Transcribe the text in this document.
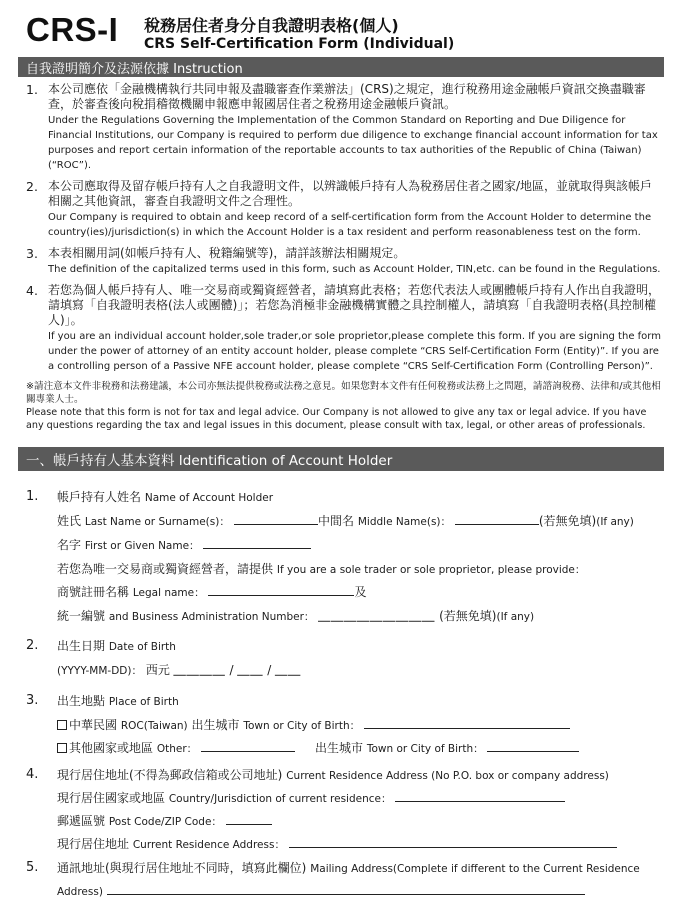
CRS-I 稅務居住者身分自我證明表格(個人)
CRS Self-Certification Form (Individual)
自我證明簡介及法源依據 Instruction
1. 本公司應依「金融機構執行共同申報及盡職審查作業辦法」(CRS)之規定，進行稅務用途金融帳戶資訊交換盡職審查，於審查後向稅捐稽徵機關申報應申報國居住者之稅務用途金融帳戶資訊。
Under the Regulations Governing the Implementation of the Common Standard on Reporting and Due Diligence for Financial Institutions, our Company is required to perform due diligence to exchange financial account information for tax purposes and report certain information of the reportable accounts to tax authorities of the Republic of China (Taiwan)(“ROC”).
2. 本公司應取得及留存帳戶持有人之自我證明文件，以辨識帳戶持有人為稅務居住者之國家/地區，並就取得與該帳戶相關之其他資訊，審查自我證明文件之合理性。
Our Company is required to obtain and keep record of a self-certification form from the Account Holder to determine the country(ies)/jurisdiction(s) in which the Account Holder is a tax resident and perform reasonableness test on the form.
3. 本表相關用詞(如帳戶持有人、稅籍編號等)，請詳該辦法相關規定。
The definition of the capitalized terms used in this form, such as Account Holder, TIN,etc. can be found in the Regulations.
4. 若您為個人帳戶持有人、唯一交易商或獨資經營者，請填寫此表格；若您代表法人或團體帳戶持有人作出自我證明，請填寫「自我證明表格(法人或團體)」；若您為消極非金融機構實體之具控制權人，請填寫「自我證明表格(具控制權人)」。
If you are an individual account holder,sole trader,or sole proprietor,please complete this form. If you are signing the form under the power of attorney of an entity account holder, please complete “CRS Self-Certification Form (Entity)”. If you are a controlling person of a Passive NFE account holder, please complete “CRS Self-Certification Form (Controlling Person)”.
※請注意本文件非稅務和法務建議，本公司亦無法提供稅務或法務之意見。如果您對本文件有任何稅務或法務上之問題，請諮詢稅務、法律和/或其他相關專業人士。
Please note that this form is not for tax and legal advice. Our Company is not allowed to give any tax or legal advice. If you have any questions regarding the tax and legal issues in this document, please consult with tax, legal, or other areas of professionals.
一、帳戶持有人基本資料 Identification of Account Holder
1. 帳戶持有人姓名 Name of Account Holder
姓氏 Last Name or Surname(s)：	中間名 Middle Name(s)：	(若無免填)(If any)
名字 First or Given Name：
若您為唯一交易商或獨資經營者，請提供 If you are a sole trader or sole proprietor, please provide：
商號註冊名稱 Legal name：	及
統一編號 and Business Administration Number： ＿＿＿＿＿＿＿＿＿ (若無免填)(If any)
2. 出生日期 Date of Birth
(YYYY-MM-DD)： 西元 ＿＿＿＿ / ＿＿ / ＿＿
3. 出生地點 Place of Birth
中華民國 ROC(Taiwan) 出生城市 Town or City of Birth：
其他國家或地區 Other：	出生城市 Town or City of Birth：
4. 現行居住地址(不得為郵政信箱或公司地址) Current Residence Address (No P.O. box or company address)
現行居住國家或地區 Country/Jurisdiction of current residence：
郵遞區號 Post Code/ZIP Code：
現行居住地址 Current Residence Address：
5. 通訊地址(與現行居住地址不同時，填寫此欄位) Mailing Address(Complete if different to the Current Residence
Address)
